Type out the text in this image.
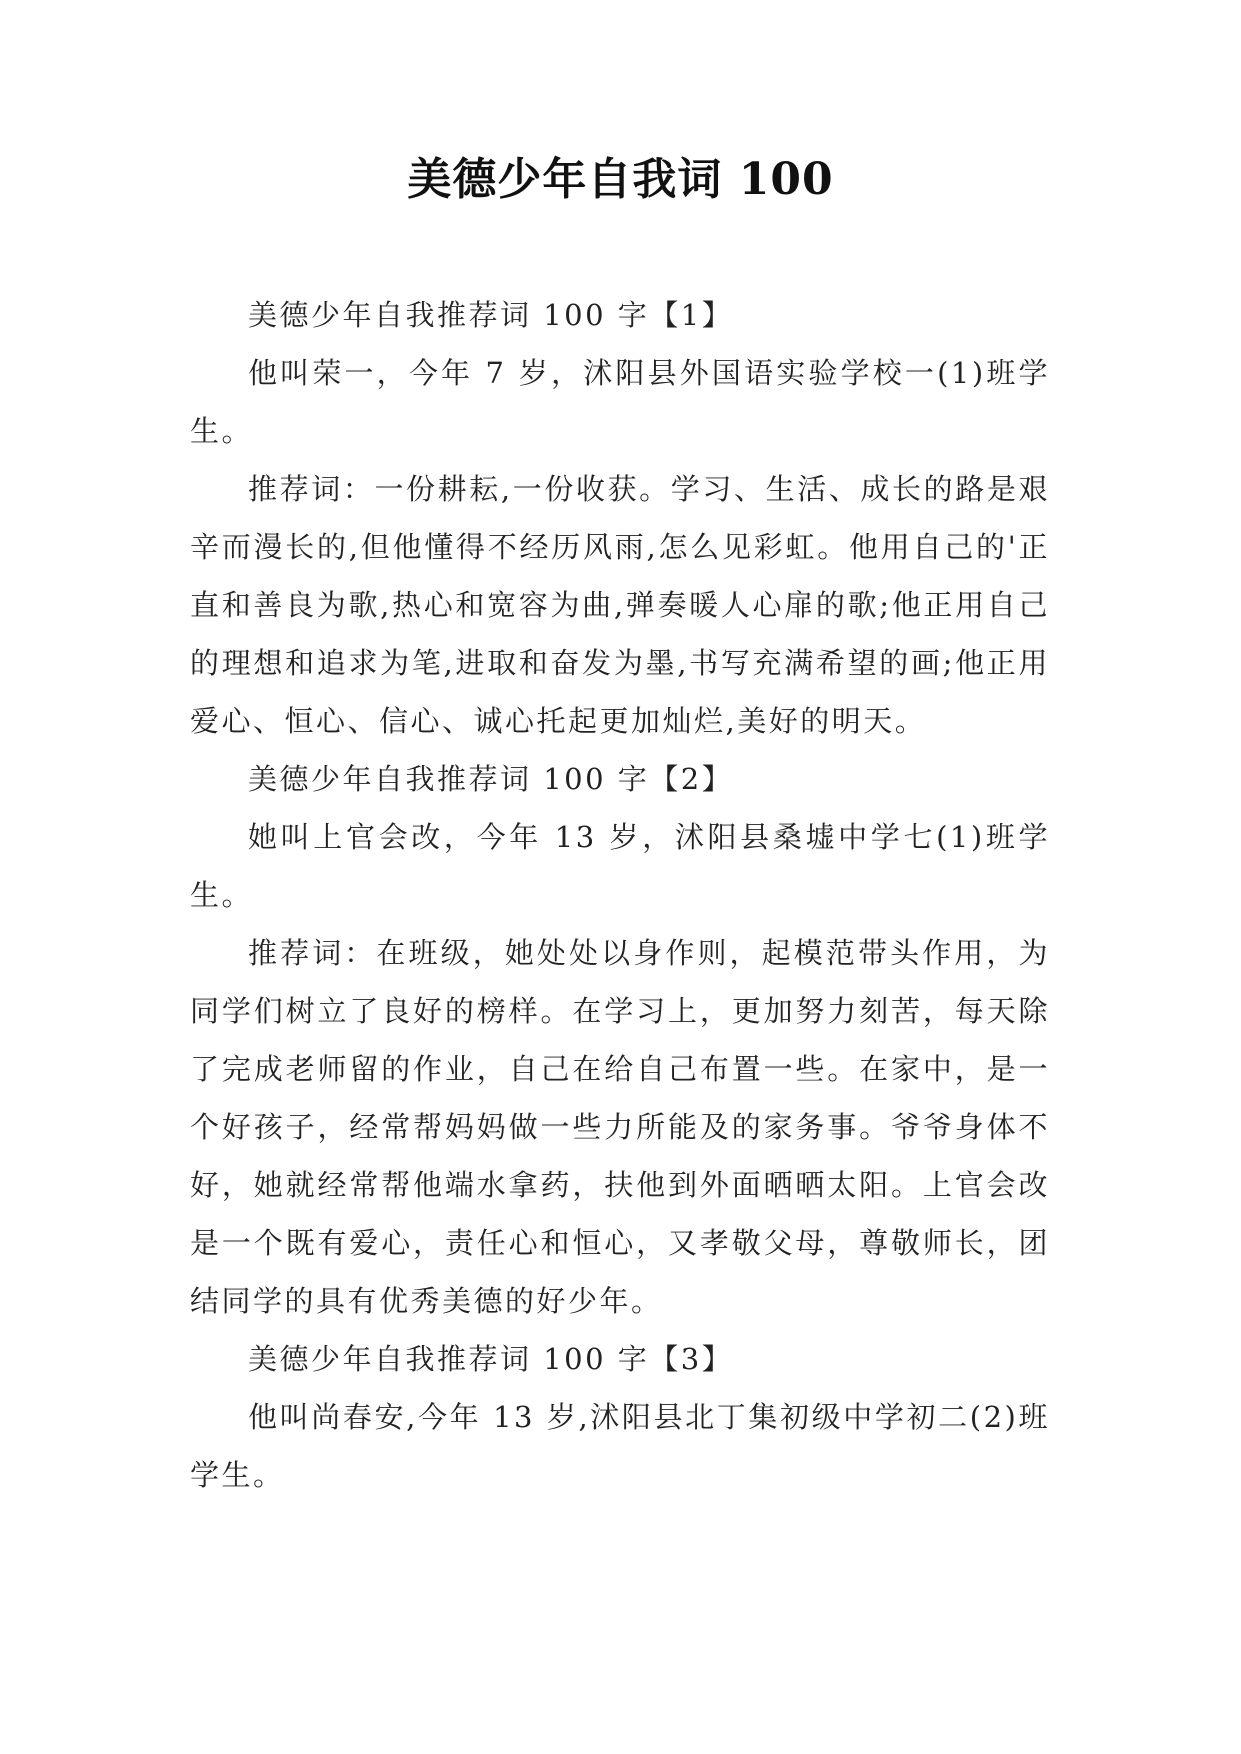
美德少年自我词 100

美德少年自我推荐词 100 字【1】

他叫荣一，今年 7 岁，沭阳县外国语实验学校一(1)班学生。

推荐词：一份耕耘,一份收获。学习、生活、成长的路是艰辛而漫长的,但他懂得不经历风雨,怎么见彩虹。他用自己的'正直和善良为歌,热心和宽容为曲,弹奏暖人心扉的歌;他正用自己的理想和追求为笔,进取和奋发为墨,书写充满希望的画;他正用爱心、恒心、信心、诚心托起更加灿烂,美好的明天。

美德少年自我推荐词 100 字【2】

她叫上官会改，今年 13 岁，沭阳县桑墟中学七(1)班学生。

推荐词：在班级，她处处以身作则，起模范带头作用，为同学们树立了良好的榜样。在学习上，更加努力刻苦，每天除了完成老师留的作业，自己在给自己布置一些。在家中，是一个好孩子，经常帮妈妈做一些力所能及的家务事。爷爷身体不好，她就经常帮他端水拿药，扶他到外面晒晒太阳。上官会改是一个既有爱心，责任心和恒心，又孝敬父母，尊敬师长，团结同学的具有优秀美德的好少年。

美德少年自我推荐词 100 字【3】

他叫尚春安,今年 13 岁,沭阳县北丁集初级中学初二(2)班学生。
